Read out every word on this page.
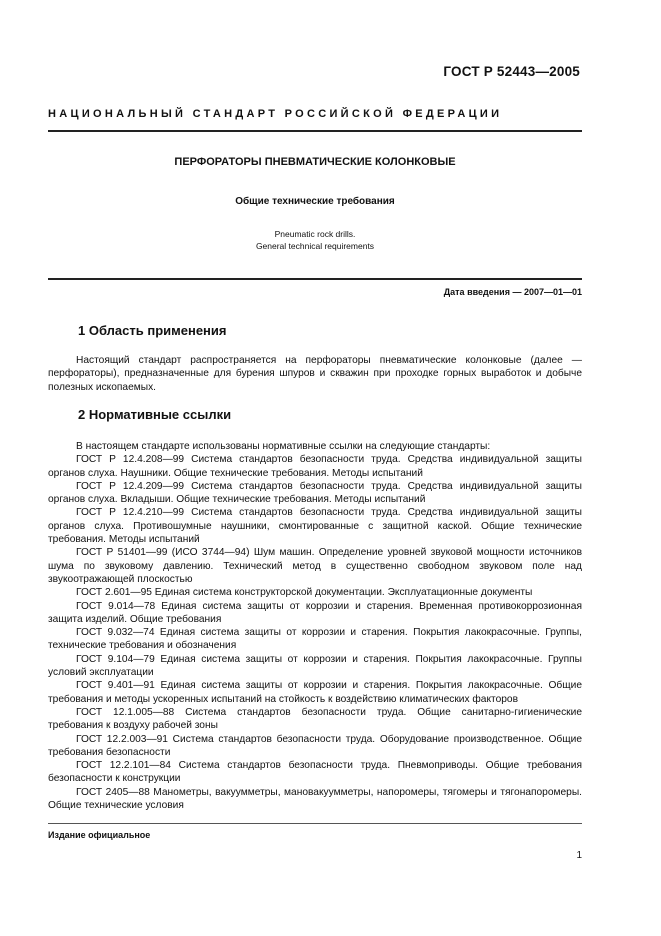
ГОСТ Р 52443—2005
НАЦИОНАЛЬНЫЙ СТАНДАРТ РОССИЙСКОЙ ФЕДЕРАЦИИ
ПЕРФОРАТОРЫ ПНЕВМАТИЧЕСКИЕ КОЛОНКОВЫЕ
Общие технические требования
Pneumatic rock drills.
General technical requirements
Дата введения — 2007—01—01
1 Область применения

Настоящий стандарт распространяется на перфораторы пневматические колонковые (далее — перфораторы), предназначенные для бурения шпуров и скважин при проходке горных выработок и добыче полезных ископаемых.

2 Нормативные ссылки

В настоящем стандарте использованы нормативные ссылки на следующие стандарты:

ГОСТ Р 12.4.208—99 Система стандартов безопасности труда. Средства индивидуальной защиты органов слуха. Наушники. Общие технические требования. Методы испытаний

ГОСТ Р 12.4.209—99 Система стандартов безопасности труда. Средства индивидуальной защиты органов слуха. Вкладыши. Общие технические требования. Методы испытаний

ГОСТ Р 12.4.210—99 Система стандартов безопасности труда. Средства индивидуальной защиты органов слуха. Противошумные наушники, смонтированные с защитной каской. Общие технические требования. Методы испытаний

ГОСТ Р 51401—99 (ИСО 3744—94) Шум машин. Определение уровней звуковой мощности источников шума по звуковому давлению. Технический метод в существенно свободном звуковом поле над звукоотражающей плоскостью

ГОСТ 2.601—95 Единая система конструкторской документации. Эксплуатационные документы

ГОСТ 9.014—78 Единая система защиты от коррозии и старения. Временная противокоррозионная защита изделий. Общие требования

ГОСТ 9.032—74 Единая система защиты от коррозии и старения. Покрытия лакокрасочные. Группы, технические требования и обозначения

ГОСТ 9.104—79 Единая система защиты от коррозии и старения. Покрытия лакокрасочные. Группы условий эксплуатации

ГОСТ 9.401—91 Единая система защиты от коррозии и старения. Покрытия лакокрасочные. Общие требования и методы ускоренных испытаний на стойкость к воздействию климатических факторов

ГОСТ 12.1.005—88 Система стандартов безопасности труда. Общие санитарно-гигиенические требования к воздуху рабочей зоны

ГОСТ 12.2.003—91 Система стандартов безопасности труда. Оборудование производственное. Общие требования безопасности

ГОСТ 12.2.101—84 Система стандартов безопасности труда. Пневмоприводы. Общие требования безопасности к конструкции

ГОСТ 2405—88 Манометры, вакуумметры, мановакуумметры, напоромеры, тягомеры и тягонапоромеры. Общие технические условия

Издание официальное
1
